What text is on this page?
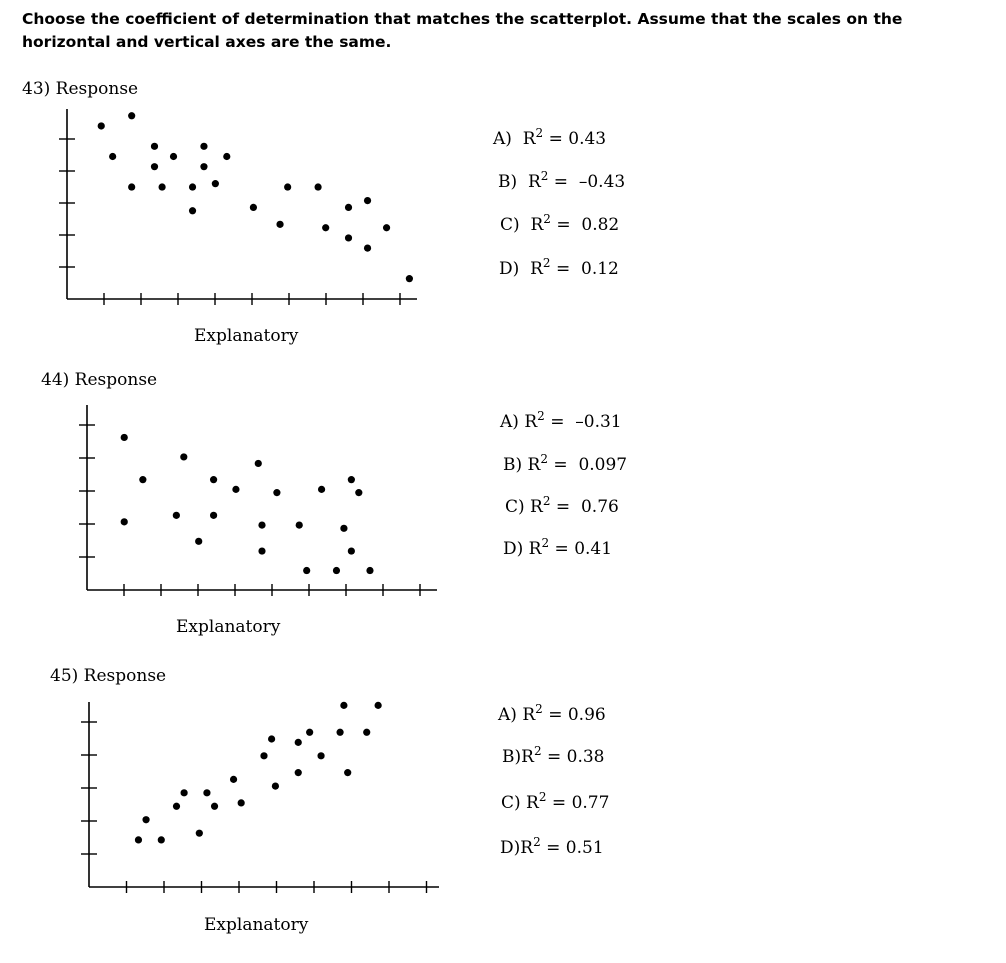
Choose the coefficient of determination that matches the scatterplot. Assume that the scales on the horizontal and vertical axes are the same.
43) Response
Explanatory
A) $R^2 = 0.43$
B) $R^2 = -0.43$
C) $R^2 = 0.82$
D) $R^2 = 0.12$
44) Response
Explanatory
A) $R^2 = -0.31$
B) $R^2 = 0.097$
C) $R^2 = 0.76$
D) $R^2 = 0.41$
45) Response
Explanatory
A) $R^2 = 0.96$
$B)R^2 = 0.38$
C) $R^2 = 0.77$
$D)R^2 = 0.51$
